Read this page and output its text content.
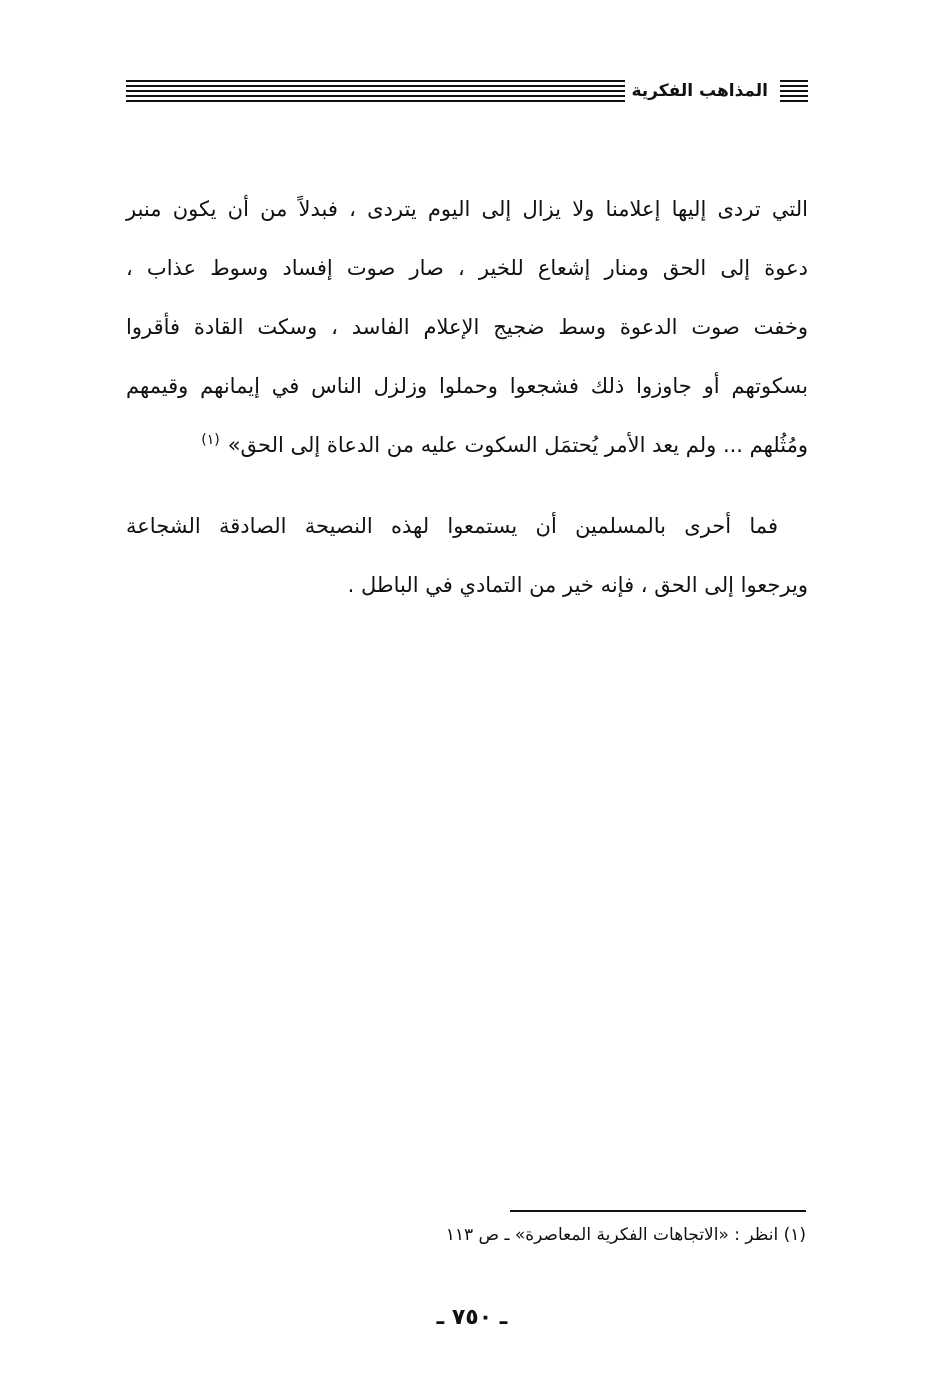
المذاهب الفكرية
التي تردى إليها إعلامنا ولا يزال إلى اليوم يتردى ، فبدلاً من أن يكون منبر
دعوة إلى الحق ومنار إشعاع للخير ، صار صوت إفساد وسوط عذاب ،
وخفت صوت الدعوة وسط ضجيج الإعلام الفاسد ، وسكت القادة فأقروا
بسكوتهم أو جاوزوا ذلك فشجعوا وحملوا وزلزل الناس في إيمانهم وقيمهم
ومُثُلهم ... ولم يعد الأمر يُحتمَل السكوت عليه من الدعاة إلى الحق»$^{(١)}$
فما أحرى بالمسلمين أن يستمعوا لهذه النصيحة الصادقة الشجاعة
ويرجعوا إلى الحق ، فإنه خير من التمادي في الباطل .
(١) انظر : «الاتجاهات الفكرية المعاصرة» ـ ص ١١٣
ـ ٧٥٠ ـ
